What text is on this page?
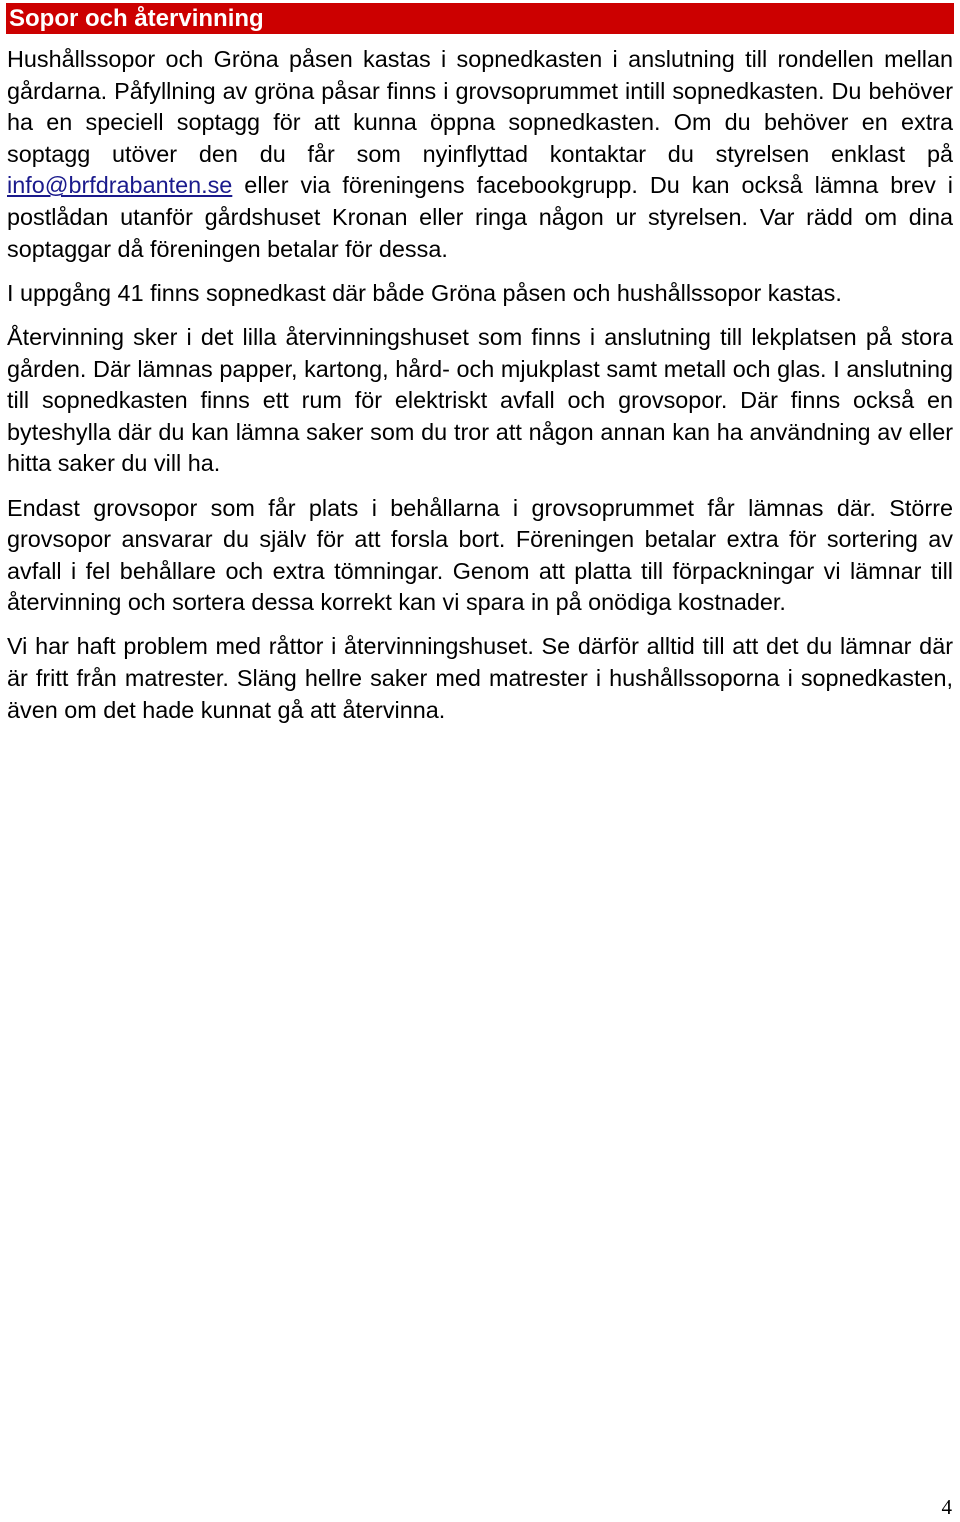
Sopor och återvinning

Hushållssopor och Gröna påsen kastas i sopnedkasten i anslutning till rondellen mellan gårdarna. Påfyllning av gröna påsar finns i grovsoprummet intill sopnedkasten. Du behöver ha en speciell soptagg för att kunna öppna sopnedkasten. Om du behöver en extra soptagg utöver den du får som nyinflyttad kontaktar du styrelsen enklast på info@brfdrabanten.se eller via föreningens facebookgrupp. Du kan också lämna brev i postlådan utanför gårdshuset Kronan eller ringa någon ur styrelsen. Var rädd om dina soptaggar då föreningen betalar för dessa.

I uppgång 41 finns sopnedkast där både Gröna påsen och hushållssopor kastas.

Återvinning sker i det lilla återvinningshuset som finns i anslutning till lekplatsen på stora gården. Där lämnas papper, kartong, hård- och mjukplast samt metall och glas. I anslutning till sopnedkasten finns ett rum för elektriskt avfall och grovsopor. Där finns också en byteshylla där du kan lämna saker som du tror att någon annan kan ha användning av eller hitta saker du vill ha.

Endast grovsopor som får plats i behållarna i grovsoprummet får lämnas där. Större grovsopor ansvarar du själv för att forsla bort. Föreningen betalar extra för sortering av avfall i fel behållare och extra tömningar. Genom att platta till förpackningar vi lämnar till återvinning och sortera dessa korrekt kan vi spara in på onödiga kostnader.

Vi har haft problem med råttor i återvinningshuset. Se därför alltid till att det du lämnar där är fritt från matrester. Släng hellre saker med matrester i hushållssoporna i sopnedkasten, även om det hade kunnat gå att återvinna.

4
